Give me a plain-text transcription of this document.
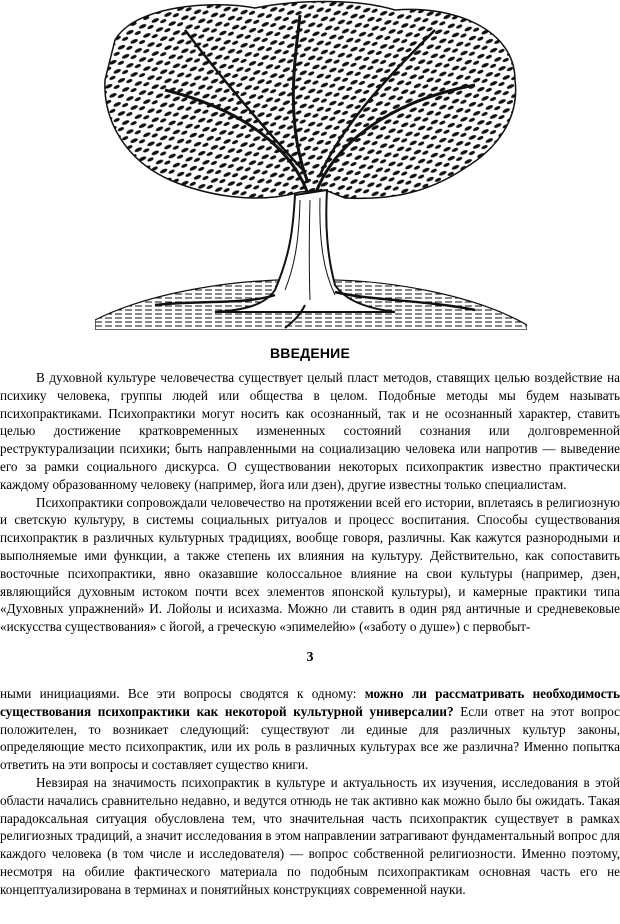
ВВЕДЕНИЕ

В духовной культуре человечества существует целый пласт методов, ставящих целью воздействие на психику человека, группы людей или общества в целом. Подобные методы мы будем называть психопрактиками. Психопрактики могут носить как осознанный, так и не осознанный характер, ставить целью достижение кратковременных измененных состояний сознания или долговременной реструктурализации психики; быть направленными на социализацию человека или напротив — выведение его за рамки социального дискурса. О существовании некоторых психопрактик известно практически каждому образованному человеку (например, йога или дзен), другие известны только специалистам.

Психопрактики сопровождали человечество на протяжении всей его истории, вплетаясь в религиозную и светскую культуру, в системы социальных ритуалов и процесс воспитания. Способы существования психопрактик в различных культурных традициях, вообще говоря, различны. Как кажутся разнородными и выполняемые ими функции, а также степень их влияния на культуру. Действительно, как сопоставить восточные психопрактики, явно оказавшие колоссальное влияние на свои культуры (например, дзен, являющийся духовным истоком почти всех элементов японской культуры), и камерные практики типа «Духовных упражнений» И. Лойолы и исихазма. Можно ли ставить в один ряд античные и средневековые «искусства существования» с йогой, а греческую «эпимелейю» («заботу о душе») с первобыт-

3

ными инициациями. Все эти вопросы сводятся к одному: можно ли рассматривать необходимость существования психопрактики как некоторой культурной универсалии? Если ответ на этот вопрос положителен, то возникает следующий: существуют ли единые для различных культур законы, определяющие место психопрактик, или их роль в различных культурах все же различна? Именно попытка ответить на эти вопросы и составляет существо книги.

Невзирая на значимость психопрактик в культуре и актуальность их изучения, исследования в этой области начались сравнительно недавно, и ведутся отнюдь не так активно как можно было бы ожидать. Такая парадоксальная ситуация обусловлена тем, что значительная часть психопрактик существует в рамках религиозных традиций, а значит исследования в этом направлении затрагивают фундаментальный вопрос для каждого человека (в том числе и исследователя) — вопрос собственной религиозности. Именно поэтому, несмотря на обилие фактического материала по подобным психопрактикам основная часть его не концептуализирована в терминах и понятийных конструкциях современной науки.
